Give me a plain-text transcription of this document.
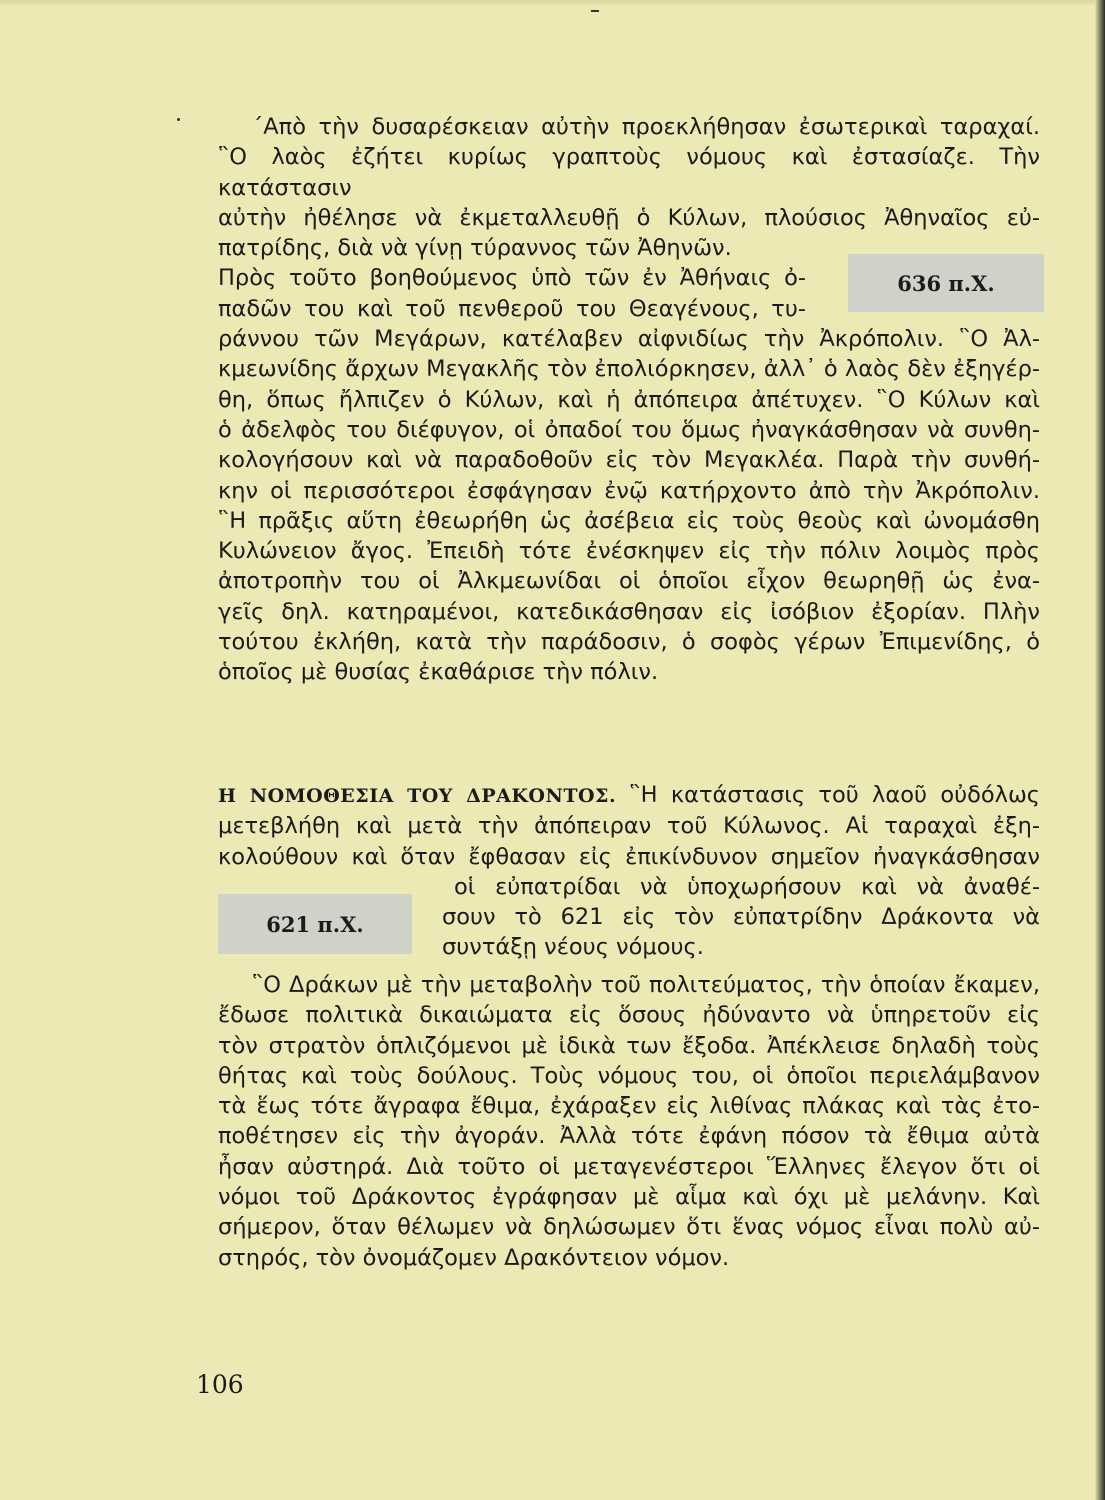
΄Απὸ τὴν δυσαρέσκειαν αὐτὴν προεκλήθησαν ἐσωτερικαὶ ταραχαί.
῝Ο λαὸς ἐζήτει κυρίως γραπτοὺς νόμους καὶ ἐστασίαζε. Τὴν κατάστασιν
αὐτὴν ἠθέλησε νὰ ἐκμεταλλευθῇ ὁ Κύλων, πλούσιος Ἀθηναῖος εὐ-
πατρίδης, διὰ νὰ γίνῃ τύραννος τῶν Ἀθηνῶν.
Πρὸς τοῦτο βοηθούμενος ὑπὸ τῶν ἐν Ἀθήναις ὀ-
παδῶν του καὶ τοῦ πενθεροῦ του Θεαγένους, τυ-
ράννου τῶν Μεγάρων, κατέλαβεν αἰφνιδίως τὴν Ἀκρόπολιν. ῝Ο Ἀλ-
κμεωνίδης ἄρχων Μεγακλῆς τὸν ἐπολιόρκησεν, ἀλλ᾿ ὁ λαὸς δὲν ἐξηγέρ-
θη, ὅπως ἤλπιζεν ὁ Κύλων, καὶ ἡ ἀπόπειρα ἀπέτυχεν. ῝Ο Κύλων καὶ
ὁ ἀδελφὸς του διέφυγον, οἱ ὀπαδοί του ὅμως ἠναγκάσθησαν νὰ συνθη-
κολογήσουν καὶ νὰ παραδοθοῦν εἰς τὸν Μεγακλέα. Παρὰ τὴν συνθή-
κην οἱ περισσότεροι ἐσφάγησαν ἐνῷ κατήρχοντο ἀπὸ τὴν Ἀκρόπολιν.
῝Η πρᾶξις αὕτη ἐθεωρήθη ὡς ἀσέβεια εἰς τοὺς θεοὺς καὶ ὠνομάσθη
Κυλώνειον ἄγος. Ἐπειδὴ τότε ἐνέσκηψεν εἰς τὴν πόλιν λοιμὸς πρὸς
ἀποτροπὴν του οἱ Ἀλκμεωνίδαι οἱ ὁποῖοι εἶχον θεωρηθῇ ὡς ἐνα-
γεῖς δηλ. κατηραμένοι, κατεδικάσθησαν εἰς ἰσόβιον ἐξορίαν. Πλὴν
τούτου ἐκλήθη, κατὰ τὴν παράδοσιν, ὁ σοφὸς γέρων Ἐπιμενίδης, ὁ
ὁποῖος μὲ θυσίας ἐκαθάρισε τὴν πόλιν.
636 π.Χ.
Η ΝΟΜΟΘΕΣΙΑ ΤΟΥ ΔΡΑΚΟΝΤΟΣ. ῝Η κατάστασις τοῦ λαοῦ οὐδόλως
μετεβλήθη καὶ μετὰ τὴν ἀπόπειραν τοῦ Κύλωνος. Αἱ ταραχαὶ ἐξη-
κολούθουν καὶ ὅταν ἔφθασαν εἰς ἐπικίνδυνον σημεῖον ἠναγκάσθησαν
οἱ εὐπατρίδαι νὰ ὑποχωρήσουν καὶ νὰ ἀναθέ-
σουν τὸ 621 εἰς τὸν εὐπατρίδην Δράκοντα νὰ
συντάξῃ νέους νόμους.
621 π.Χ.
῝Ο Δράκων μὲ τὴν μεταβολὴν τοῦ πολιτεύματος, τὴν ὁποίαν ἔκαμεν,
ἔδωσε πολιτικὰ δικαιώματα εἰς ὅσους ἠδύναντο νὰ ὑπηρετοῦν εἰς
τὸν στρατὸν ὁπλιζόμενοι μὲ ἰδικὰ των ἔξοδα. Ἀπέκλεισε δηλαδὴ τοὺς
θήτας καὶ τοὺς δούλους. Τοὺς νόμους του, οἱ ὁποῖοι περιελάμβανον
τὰ ἕως τότε ἄγραφα ἔθιμα, ἐχάραξεν εἰς λιθίνας πλάκας καὶ τὰς ἐτο-
ποθέτησεν εἰς τὴν ἀγοράν. Ἀλλὰ τότε ἐφάνη πόσον τὰ ἔθιμα αὐτὰ
ἦσαν αὐστηρά. Διὰ τοῦτο οἱ μεταγενέστεροι Ἕλληνες ἔλεγον ὅτι οἱ
νόμοι τοῦ Δράκοντος ἐγράφησαν μὲ αἷμα καὶ όχι μὲ μελάνην. Καὶ
σήμερον, ὅταν θέλωμεν νὰ δηλώσωμεν ὅτι ἕνας νόμος εἶναι πολὺ αὐ-
στηρός, τὸν ὀνομάζομεν Δρακόντειον νόμον.
106
